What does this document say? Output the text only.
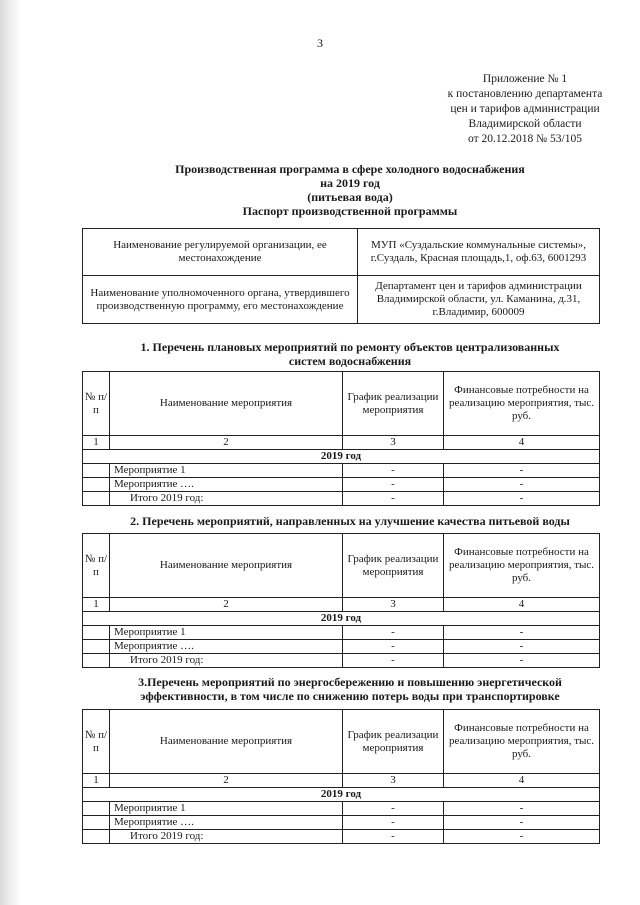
3
Приложение № 1
к постановлению департамента
цен и тарифов администрации
Владимирской области
от 20.12.2018 № 53/105
Производственная программа в сфере холодного водоснабжения
на 2019 год
(питьевая вода)
Паспорт производственной программы
Наименование регулируемой организации, ее местонахождение	МУП «Суздальские коммунальные системы», г.Суздаль, Красная площадь,1, оф.63, 6001293
Наименование уполномоченного органа, утвердившего производственную программу, его местонахождение	Департамент цен и тарифов администрации Владимирской области, ул. Каманина, д.31, г.Владимир, 600009
1. Перечень плановых мероприятий по ремонту объектов централизованных
систем водоснабжения
№ п/п	Наименование мероприятия	График реализации мероприятия	Финансовые потребности на реализацию мероприятия, тыс. руб.
1	2	3	4
2019 год			
	Мероприятие 1	-	-
	Мероприятие ….	-	-
	Итого 2019 год:	-	-
2. Перечень мероприятий, направленных на улучшение качества питьевой воды
№ п/п	Наименование мероприятия	График реализации мероприятия	Финансовые потребности на реализацию мероприятия, тыс. руб.
1	2	3	4
2019 год			
	Мероприятие 1	-	-
	Мероприятие ….	-	-
	Итого 2019 год:	-	-
3.Перечень мероприятий по энергосбережению и повышению энергетической
эффективности, в том числе по снижению потерь воды при транспортировке
№ п/п	Наименование мероприятия	График реализации мероприятия	Финансовые потребности на реализацию мероприятия, тыс. руб.
1	2	3	4
2019 год			
	Мероприятие 1	-	-
	Мероприятие ….	-	-
	Итого 2019 год:	-	-
